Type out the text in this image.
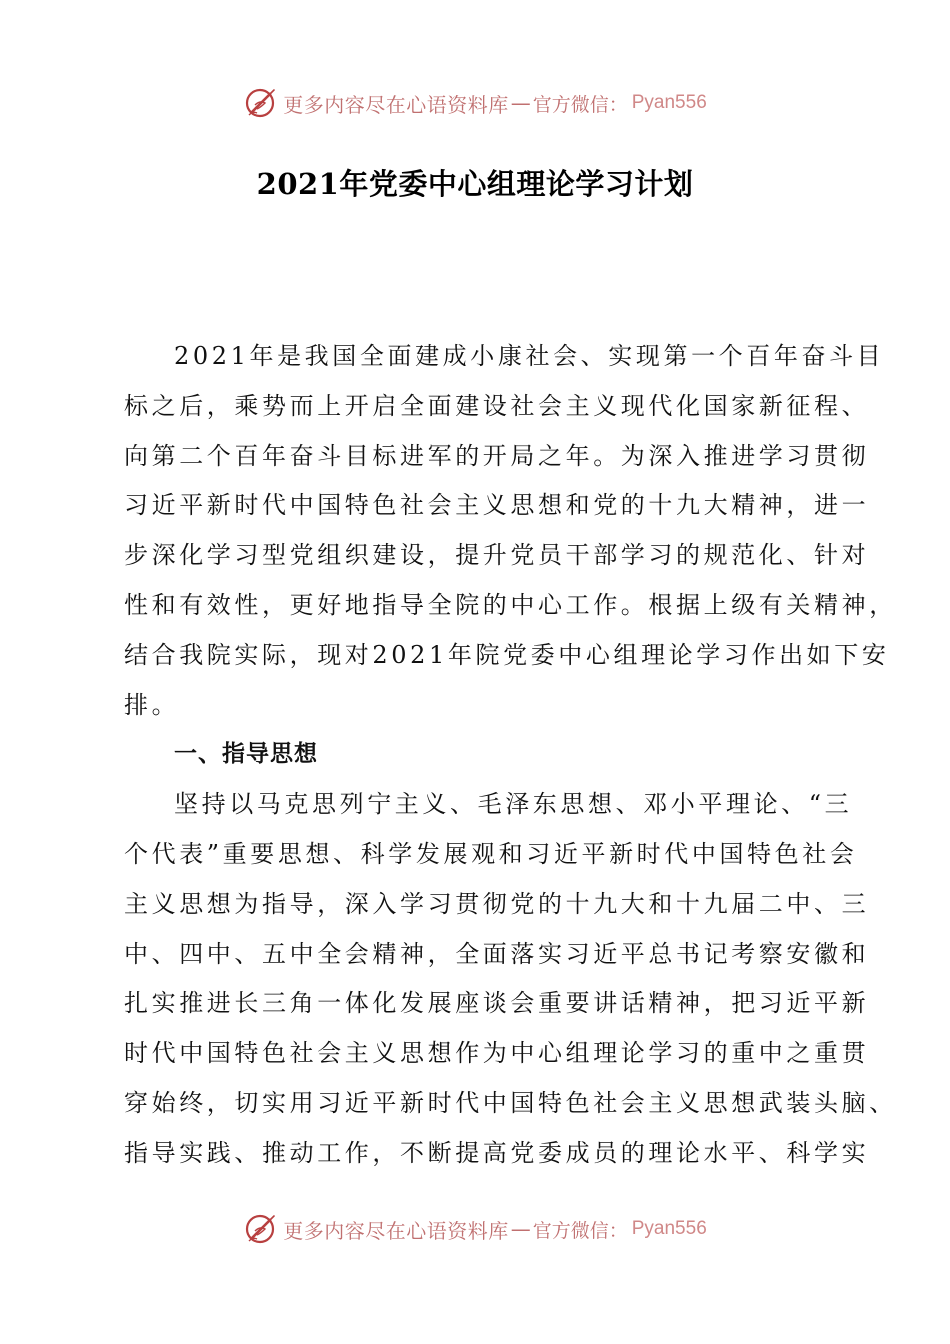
更多内容尽在心语资料库 — 官方微信： Pyan556
2021年党委中心组理论学习计划
2021年是我国全面建成小康社会、实现第一个百年奋斗目
标之后，乘势而上开启全面建设社会主义现代化国家新征程、
向第二个百年奋斗目标进军的开局之年。为深入推进学习贯彻
习近平新时代中国特色社会主义思想和党的十九大精神，进一
步深化学习型党组织建设，提升党员干部学习的规范化、针对
性和有效性，更好地指导全院的中心工作。根据上级有关精神，
结合我院实际，现对2021年院党委中心组理论学习作出如下安
排。
一、指导思想
坚持以马克思列宁主义、毛泽东思想、邓小平理论、“三
个代表”重要思想、科学发展观和习近平新时代中国特色社会
主义思想为指导，深入学习贯彻党的十九大和十九届二中、三
中、四中、五中全会精神，全面落实习近平总书记考察安徽和
扎实推进长三角一体化发展座谈会重要讲话精神，把习近平新
时代中国特色社会主义思想作为中心组理论学习的重中之重贯
穿始终，切实用习近平新时代中国特色社会主义思想武装头脑、
指导实践、推动工作，不断提高党委成员的理论水平、科学实
更多内容尽在心语资料库 — 官方微信： Pyan556
